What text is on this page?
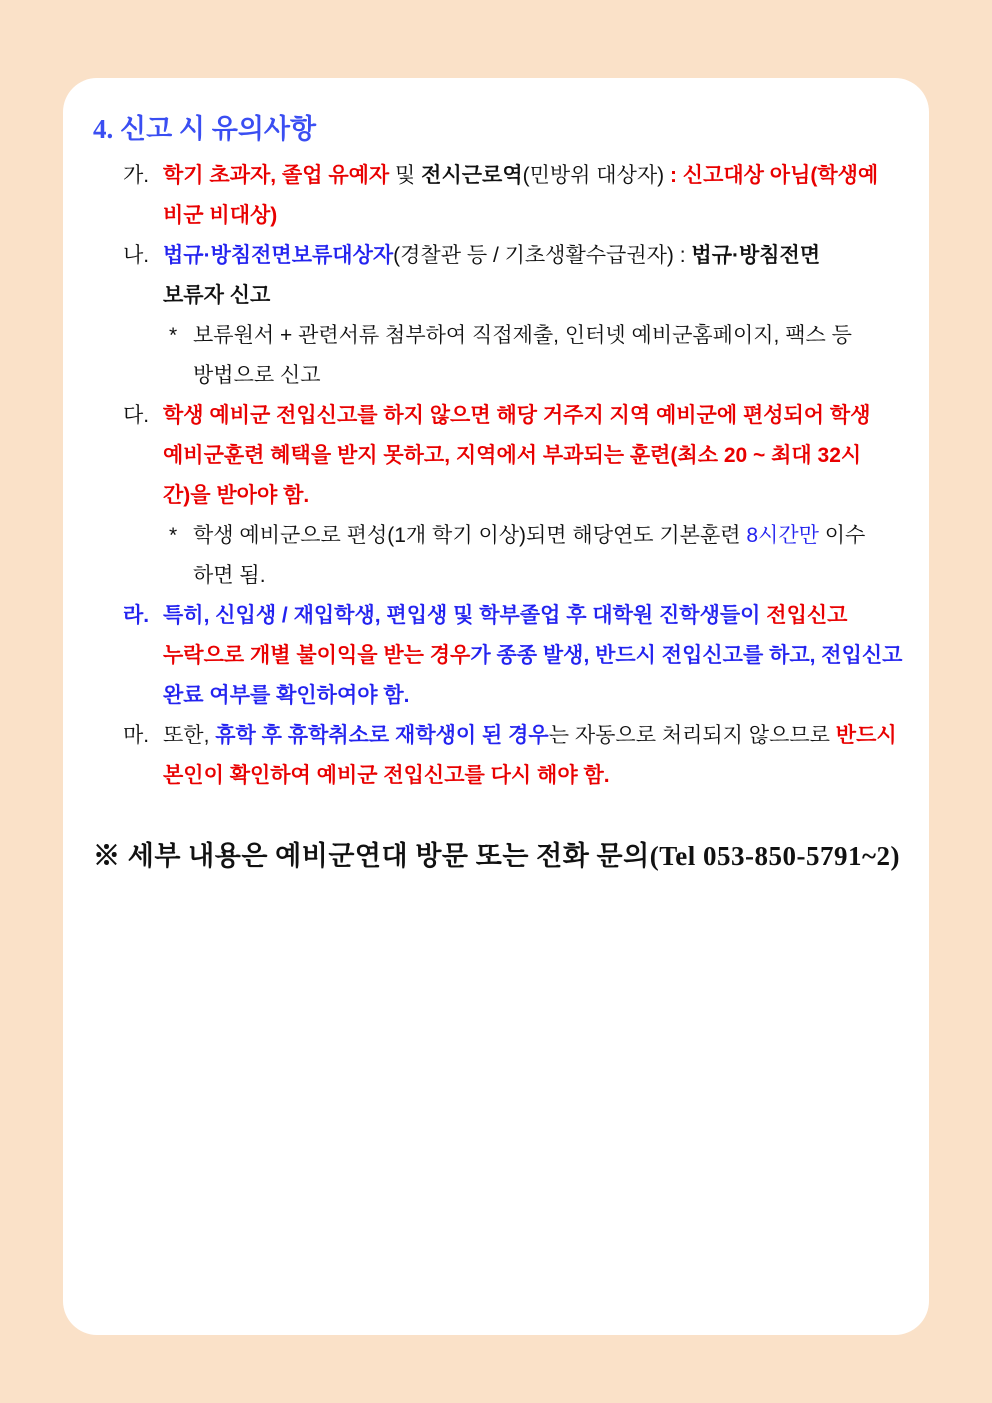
4. 신고 시 유의사항
가. 학기 초과자, 졸업 유예자 및 전시근로역(민방위 대상자) : 신고대상 아님(학생예
비군 비대상)
나. 법규·방침전면보류대상자(경찰관 등 / 기초생활수급권자) : 법규·방침전면
보류자 신고
* 보류원서 + 관련서류 첨부하여 직접제출, 인터넷 예비군홈페이지, 팩스 등
방법으로 신고
다. 학생 예비군 전입신고를 하지 않으면 해당 거주지 지역 예비군에 편성되어 학생
예비군훈련 혜택을 받지 못하고, 지역에서 부과되는 훈련(최소 20 ~ 최대 32시
간)을 받아야 함.
* 학생 예비군으로 편성(1개 학기 이상)되면 해당연도 기본훈련 8시간만 이수
하면 됨.
라. 특히, 신입생 / 재입학생, 편입생 및 학부졸업 후 대학원 진학생들이 전입신고
누락으로 개별 불이익을 받는 경우가 종종 발생, 반드시 전입신고를 하고, 전입신고
완료 여부를 확인하여야 함.
마. 또한, 휴학 후 휴학취소로 재학생이 된 경우는 자동으로 처리되지 않으므로 반드시
본인이 확인하여 예비군 전입신고를 다시 해야 함.
※ 세부 내용은 예비군연대 방문 또는 전화 문의(Tel 053-850-5791~2)
